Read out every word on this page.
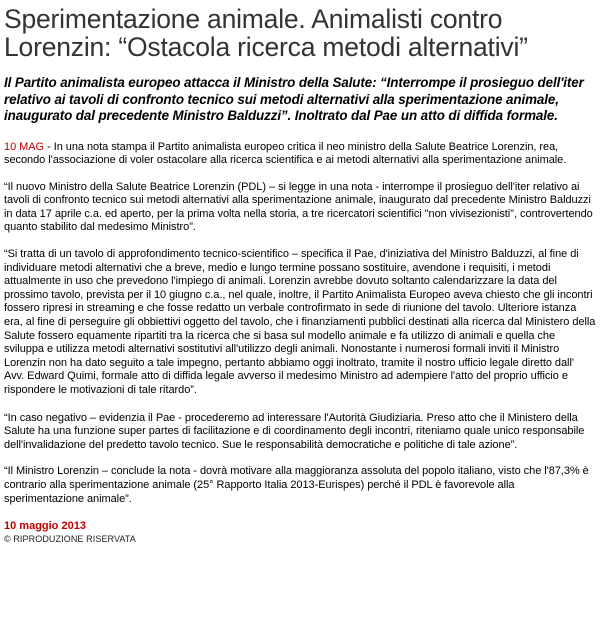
Sperimentazione animale. Animalisti contro Lorenzin: “Ostacola ricerca metodi alternativi”

Il Partito animalista europeo attacca il Ministro della Salute: “Interrompe il prosieguo dell'iter relativo ai tavoli di confronto tecnico sui metodi alternativi alla sperimentazione animale, inaugurato dal precedente Ministro Balduzzi”. Inoltrato dal Pae un atto di diffida formale.

10 MAG - In una nota stampa il Partito animalista europeo critica il neo ministro della Salute Beatrice Lorenzin, rea, secondo l'associazione di voler ostacolare alla ricerca scientifica e ai metodi alternativi alla sperimentazione animale.

“Il nuovo Ministro della Salute Beatrice Lorenzin (PDL) – si legge in una nota - interrompe il prosieguo dell'iter relativo ai tavoli di confronto tecnico sui metodi alternativi alla sperimentazione animale, inaugurato dal precedente Ministro Balduzzi in data 17 aprile c.a. ed aperto, per la prima volta nella storia, a tre ricercatori scientifici "non vivisezionisti", controvertendo quanto stabilito dal medesimo Ministro”.

“Si tratta di un tavolo di approfondimento tecnico-scientifico – specifica il Pae, d'iniziativa del Ministro Balduzzi, al fine di individuare metodi alternativi che a breve, medio e lungo termine possano sostituire, avendone i requisiti, i metodi attualmente in uso che prevedono l'impiego di animali. Lorenzin avrebbe dovuto soltanto calendarizzare la data del prossimo tavolo, prevista per il 10 giugno c.a., nel quale, inoltre, il Partito Animalista Europeo aveva chiesto che gli incontri fossero ripresi in streaming e che fosse redatto un verbale controfirmato in sede di riunione del tavolo. Ulteriore istanza era, al fine di perseguire gli obbiettivi oggetto del tavolo, che i finanziamenti pubblici destinati alla ricerca dal Ministero della Salute fossero equamente ripartiti tra la ricerca che si basa sul modello animale e fa utilizzo di animali e quella che sviluppa e utilizza metodi alternativi sostitutivi all'utilizzo degli animali. Nonostante i numerosi formali inviti il Ministro Lorenzin non ha dato seguito a tale impegno, pertanto abbiamo oggi inoltrato, tramite il nostro ufficio legale diretto dall' Avv. Edward Quimi, formale atto di diffida legale avverso il medesimo Ministro ad adempiere l'atto del proprio ufficio e rispondere le motivazioni di tale ritardo”.

“In caso negativo – evidenzia il Pae - procederemo ad interessare l'Autorità Giudiziaria. Preso atto che il Ministero della Salute ha una funzione super partes di facilitazione e di coordinamento degli incontri, riteniamo quale unico responsabile dell'invalidazione del predetto tavolo tecnico. Sue le responsabilità democratiche e politiche di tale azione”.

“Il Ministro Lorenzin – conclude la nota - dovrà motivare alla maggioranza assoluta del popolo italiano, visto che l'87,3% è contrario alla sperimentazione animale (25° Rapporto Italia 2013-Eurispes) perché il PDL è favorevole alla sperimentazione animale”.

10 maggio 2013

© RIPRODUZIONE RISERVATA
